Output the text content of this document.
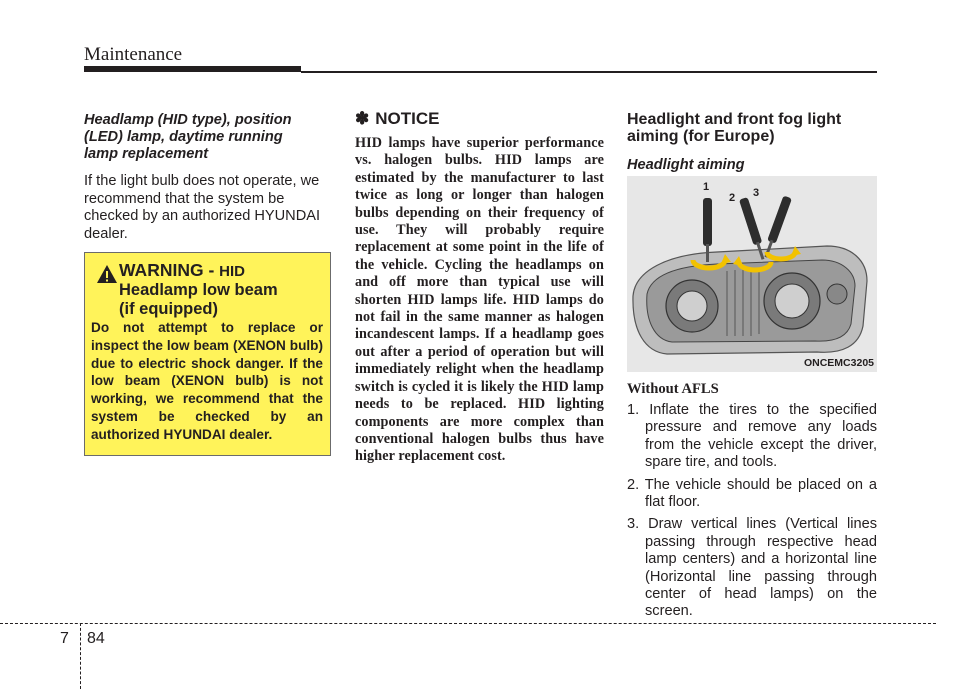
Maintenance

Headlamp (HID type), position
(LED) lamp, daytime running
lamp replacement

If the light bulb does not operate, we recommend that the system be checked by an authorized HYUNDAI dealer.

WARNING - HID
Headlamp low beam
(if equipped)
Do not attempt to replace or inspect the low beam (XENON bulb) due to electric shock danger. If the low beam (XENON bulb) is not working, we recommend that the system be checked by an authorized HYUNDAI dealer.
✽ NOTICE

HID lamps have superior performance vs. halogen bulbs. HID lamps are estimated by the manufacturer to last twice as long or longer than halogen bulbs depending on their frequency of use. They will probably require replacement at some point in the life of the vehicle. Cycling the headlamps on and off more than typical use will shorten HID lamps life. HID lamps do not fail in the same manner as halogen incandescent lamps. If a headlamp goes out after a period of operation but will immediately relight when the headlamp switch is cycled it is likely the HID lamp needs to be replaced. HID lighting components are more complex than conventional halogen bulbs thus have higher replacement cost.

Headlight and front fog light
aiming (for Europe)

Headlight aiming

1
2 3
ONCEMC3205

Without AFLS

1. Inflate the tires to the specified pressure and remove any loads from the vehicle except the driver, spare tire, and tools.

2. The vehicle should be placed on a flat floor.

3. Draw vertical lines (Vertical lines passing through respective head lamp centers) and a horizontal line (Horizontal line passing through center of head lamps) on the screen.

7 84
